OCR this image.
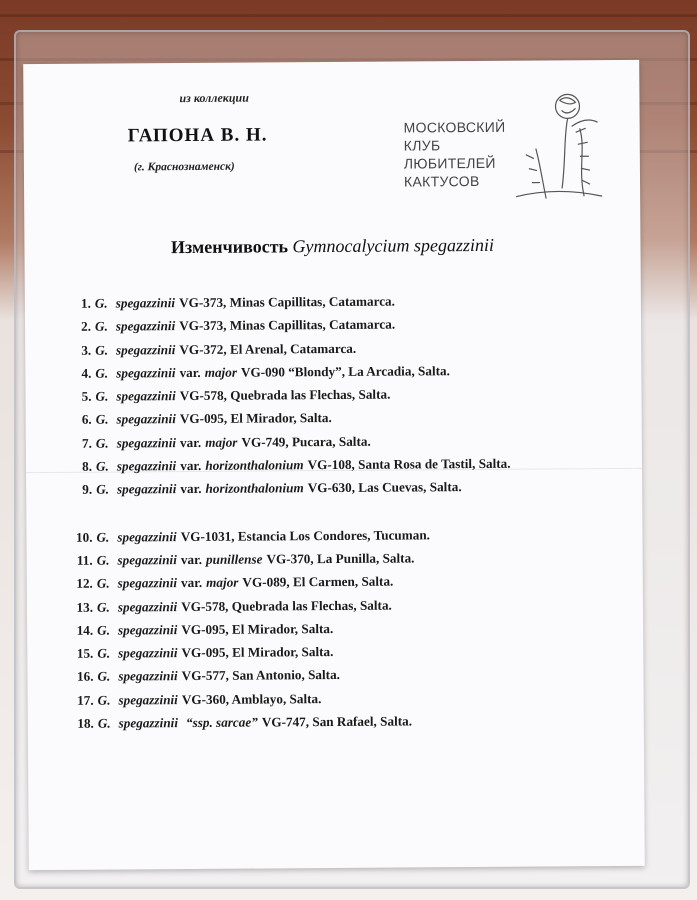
из коллекции
ГАПОНА В. Н.
(г. Краснознаменск)
МОСКОВСКИЙ
КЛУБ
ЛЮБИТЕЛЕЙ
КАКТУСОВ
Изменчивость Gymnocalycium spegazzinii
1. G. spegazzinii VG-373, Minas Capillitas, Catamarca.
2. G. spegazzinii VG-373, Minas Capillitas, Catamarca.
3. G. spegazzinii VG-372, El Arenal, Catamarca.
4. G. spegazzinii var. major VG-090 “Blondy”, La Arcadia, Salta.
5. G. spegazzinii VG-578, Quebrada las Flechas, Salta.
6. G. spegazzinii VG-095, El Mirador, Salta.
7. G. spegazzinii var. major VG-749, Pucara, Salta.
8. G. spegazzinii var. horizonthalonium VG-108, Santa Rosa de Tastil, Salta.
9. G. spegazzinii var. horizonthalonium VG-630, Las Cuevas, Salta.
10. G. spegazzinii VG-1031, Estancia Los Condores, Tucuman.
11. G. spegazzinii var. punillense VG-370, La Punilla, Salta.
12. G. spegazzinii var. major VG-089, El Carmen, Salta.
13. G. spegazzinii VG-578, Quebrada las Flechas, Salta.
14. G. spegazzinii VG-095, El Mirador, Salta.
15. G. spegazzinii VG-095, El Mirador, Salta.
16. G. spegazzinii VG-577, San Antonio, Salta.
17. G. spegazzinii VG-360, Amblayo, Salta.
18. G. spegazzinii “ssp. sarcae” VG-747, San Rafael, Salta.
